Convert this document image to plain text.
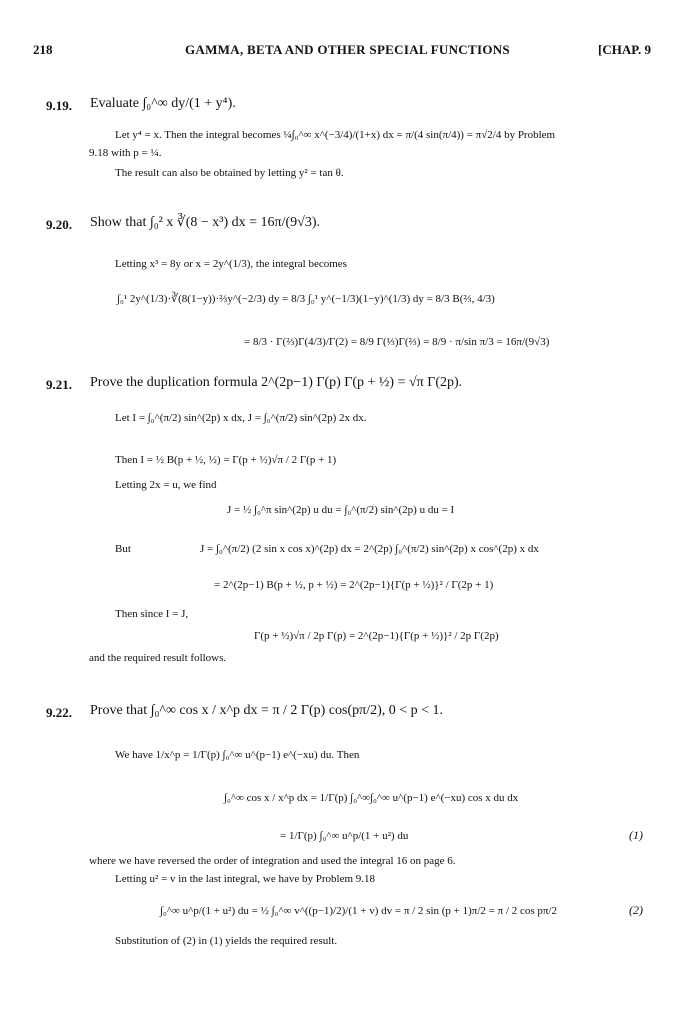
218	GAMMA, BETA AND OTHER SPECIAL FUNCTIONS	[CHAP. 9
9.19. Evaluate ∫₀^∞ dy/(1 + y⁴).
Let y⁴ = x. Then the integral becomes ¼∫₀^∞ x^(−3/4)/(1+x) dx = π/(4 sin(π/4)) = π√2/4 by Problem
9.18 with p = ¼.
The result can also be obtained by letting y² = tan θ.
9.20. Show that ∫₀² x ∛(8 − x³) dx = 16π/(9√3).
Letting x³ = 8y or x = 2y^(1/3), the integral becomes
∫₀¹ 2y^(1/3)·∛(8(1−y))·⅔y^(−2/3) dy = 8/3 ∫₀¹ y^(−1/3)(1−y)^(1/3) dy = 8/3 B(⅔, 4/3)
= 8/3 · Γ(⅔)Γ(4/3)/Γ(2) = 8/9 Γ(⅓)Γ(⅔) = 8/9 · π/sin π/3 = 16π/(9√3)
9.21. Prove the duplication formula 2^(2p−1) Γ(p) Γ(p + ½) = √π Γ(2p).
Let I = ∫₀^(π/2) sin^(2p) x dx, J = ∫₀^(π/2) sin^(2p) 2x dx.
Then I = ½ B(p + ½, ½) = Γ(p + ½)√π / 2 Γ(p + 1)
Letting 2x = u, we find
J = ½ ∫₀^π sin^(2p) u du = ∫₀^(π/2) sin^(2p) u du = I
But	J = ∫₀^(π/2) (2 sin x cos x)^(2p) dx = 2^(2p) ∫₀^(π/2) sin^(2p) x cos^(2p) x dx
= 2^(2p−1) B(p + ½, p + ½) = 2^(2p−1){Γ(p + ½)}² / Γ(2p + 1)
Then since I = J,
Γ(p + ½)√π / 2p Γ(p) = 2^(2p−1){Γ(p + ½)}² / 2p Γ(2p)
and the required result follows.
9.22. Prove that ∫₀^∞ cos x / x^p dx = π / 2 Γ(p) cos(pπ/2), 0 < p < 1.
We have 1/x^p = 1/Γ(p) ∫₀^∞ u^(p−1) e^(−xu) du. Then
∫₀^∞ cos x / x^p dx = 1/Γ(p) ∫₀^∞∫₀^∞ u^(p−1) e^(−xu) cos x du dx
= 1/Γ(p) ∫₀^∞ u^p/(1 + u²) du	(1)
where we have reversed the order of integration and used the integral 16 on page 6.
Letting u² = v in the last integral, we have by Problem 9.18
∫₀^∞ u^p/(1 + u²) du = ½ ∫₀^∞ v^((p−1)/2)/(1 + v) dv = π / 2 sin (p + 1)π/2 = π / 2 cos pπ/2	(2)
Substitution of (2) in (1) yields the required result.
